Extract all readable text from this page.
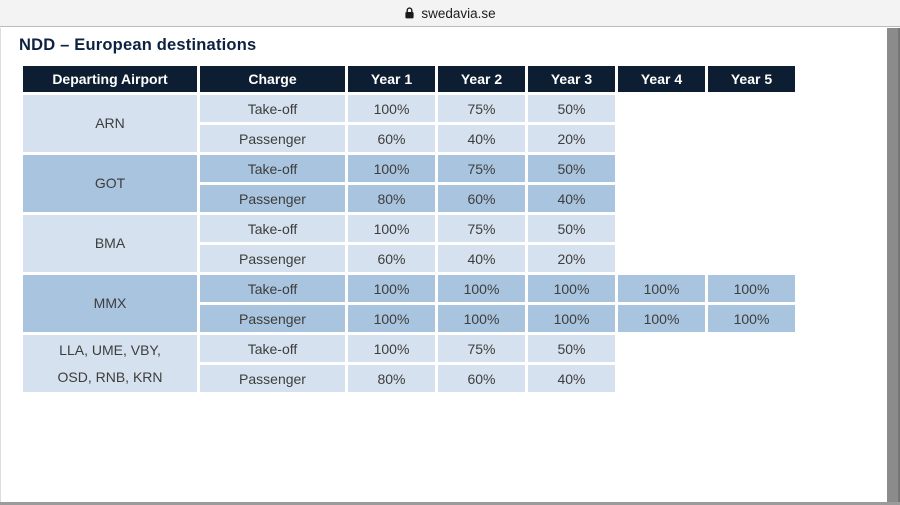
swedavia.se
NDD – European destinations
Departing Airport	Charge	Year 1	Year 2	Year 3	Year 4	Year 5

ARN	Take-off	100%	75%	50%		
	Passenger	60%	40%	20%		

GOT	Take-off	100%	75%	50%		
	Passenger	80%	60%	40%		

BMA	Take-off	100%	75%	50%		
	Passenger	60%	40%	20%		

MMX	Take-off	100%	100%	100%	100%	100%
	Passenger	100%	100%	100%	100%	100%

LLA, UME, VBY,
OSD, RNB, KRN	Take-off	100%	75%	50%		
	Passenger	80%	60%	40%		
